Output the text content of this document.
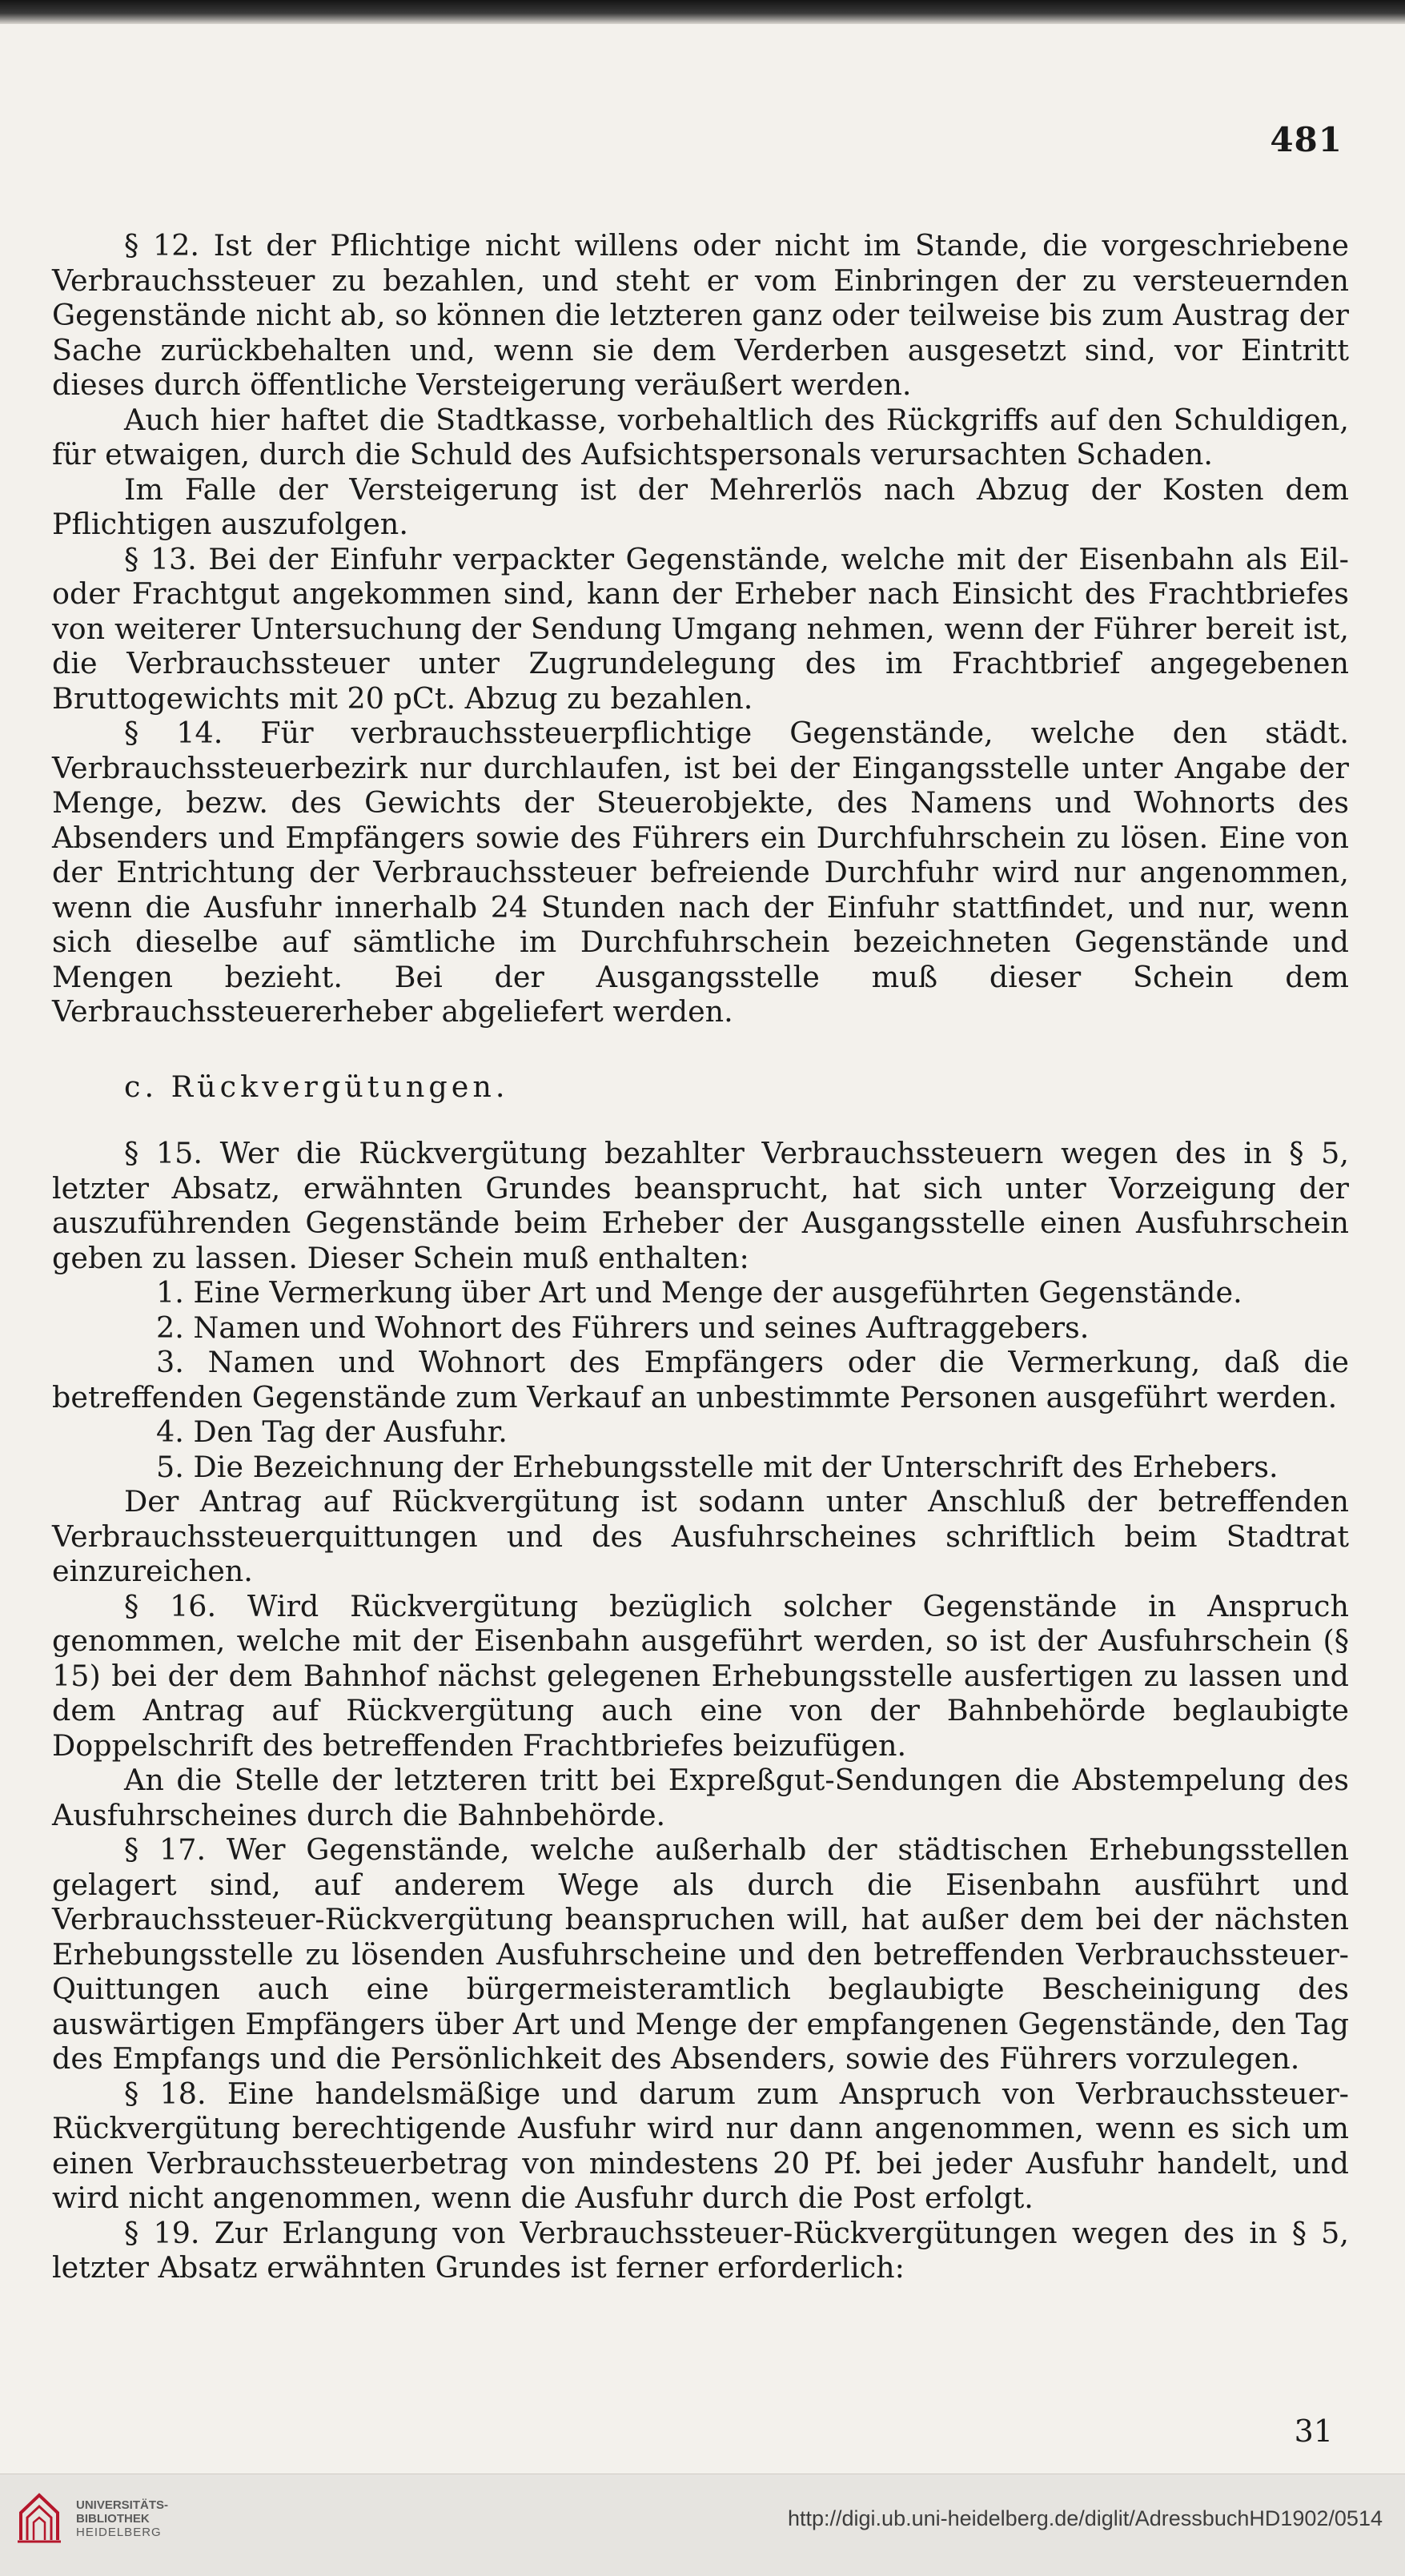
481

§ 12. Ist der Pflichtige nicht willens oder nicht im Stande, die vorgeschriebene Verbrauchssteuer zu bezahlen, und steht er vom Einbringen der zu versteuernden Gegenstände nicht ab, so können die letzteren ganz oder teilweise bis zum Austrag der Sache zurückbehalten und, wenn sie dem Verderben ausgesetzt sind, vor Eintritt dieses durch öffentliche Versteigerung veräußert werden.

Auch hier haftet die Stadtkasse, vorbehaltlich des Rückgriffs auf den Schuldigen, für etwaigen, durch die Schuld des Aufsichtspersonals verursachten Schaden.

Im Falle der Versteigerung ist der Mehrerlös nach Abzug der Kosten dem Pflichtigen auszufolgen.

§ 13. Bei der Einfuhr verpackter Gegenstände, welche mit der Eisenbahn als Eil- oder Frachtgut angekommen sind, kann der Erheber nach Einsicht des Frachtbriefes von weiterer Untersuchung der Sendung Umgang nehmen, wenn der Führer bereit ist, die Verbrauchssteuer unter Zugrundelegung des im Frachtbrief angegebenen Bruttogewichts mit 20 pCt. Abzug zu bezahlen.

§ 14. Für verbrauchssteuerpflichtige Gegenstände, welche den städt. Verbrauchssteuerbezirk nur durchlaufen, ist bei der Eingangsstelle unter Angabe der Menge, bezw. des Gewichts der Steuerobjekte, des Namens und Wohnorts des Absenders und Empfängers sowie des Führers ein Durchfuhrschein zu lösen. Eine von der Entrichtung der Verbrauchssteuer befreiende Durchfuhr wird nur angenommen, wenn die Ausfuhr innerhalb 24 Stunden nach der Einfuhr stattfindet, und nur, wenn sich dieselbe auf sämtliche im Durchfuhrschein bezeichneten Gegenstände und Mengen bezieht. Bei der Ausgangsstelle muß dieser Schein dem Verbrauchssteuererheber abgeliefert werden.

c. Rückvergütungen.

§ 15. Wer die Rückvergütung bezahlter Verbrauchssteuern wegen des in § 5, letzter Absatz, erwähnten Grundes beansprucht, hat sich unter Vorzeigung der auszuführenden Gegenstände beim Erheber der Ausgangsstelle einen Ausfuhrschein geben zu lassen. Dieser Schein muß enthalten:

1. Eine Vermerkung über Art und Menge der ausgeführten Gegenstände.
2. Namen und Wohnort des Führers und seines Auftraggebers.
3. Namen und Wohnort des Empfängers oder die Vermerkung, daß die betreffenden Gegenstände zum Verkauf an unbestimmte Personen ausgeführt werden.
4. Den Tag der Ausfuhr.
5. Die Bezeichnung der Erhebungsstelle mit der Unterschrift des Erhebers.

Der Antrag auf Rückvergütung ist sodann unter Anschluß der betreffenden Verbrauchssteuerquittungen und des Ausfuhrscheines schriftlich beim Stadtrat einzureichen.

§ 16. Wird Rückvergütung bezüglich solcher Gegenstände in Anspruch genommen, welche mit der Eisenbahn ausgeführt werden, so ist der Ausfuhrschein (§ 15) bei der dem Bahnhof nächst gelegenen Erhebungsstelle ausfertigen zu lassen und dem Antrag auf Rückvergütung auch eine von der Bahnbehörde beglaubigte Doppelschrift des betreffenden Frachtbriefes beizufügen.

An die Stelle der letzteren tritt bei Expreßgut-Sendungen die Abstempelung des Ausfuhrscheines durch die Bahnbehörde.

§ 17. Wer Gegenstände, welche außerhalb der städtischen Erhebungsstellen gelagert sind, auf anderem Wege als durch die Eisenbahn ausführt und Verbrauchssteuer-Rückvergütung beanspruchen will, hat außer dem bei der nächsten Erhebungsstelle zu lösenden Ausfuhrscheine und den betreffenden Verbrauchssteuer-Quittungen auch eine bürgermeisteramtlich beglaubigte Bescheinigung des auswärtigen Empfängers über Art und Menge der empfangenen Gegenstände, den Tag des Empfangs und die Persönlichkeit des Absenders, sowie des Führers vorzulegen.

§ 18. Eine handelsmäßige und darum zum Anspruch von Verbrauchssteuer-Rückvergütung berechtigende Ausfuhr wird nur dann angenommen, wenn es sich um einen Verbrauchssteuerbetrag von mindestens 20 Pf. bei jeder Ausfuhr handelt, und wird nicht angenommen, wenn die Ausfuhr durch die Post erfolgt.

§ 19. Zur Erlangung von Verbrauchssteuer-Rückvergütungen wegen des in § 5, letzter Absatz erwähnten Grundes ist ferner erforderlich:

31
UNIVERSITÄTS-
BIBLIOTHEK
HEIDELBERG
http://digi.ub.uni-heidelberg.de/diglit/AdressbuchHD1902/0514
